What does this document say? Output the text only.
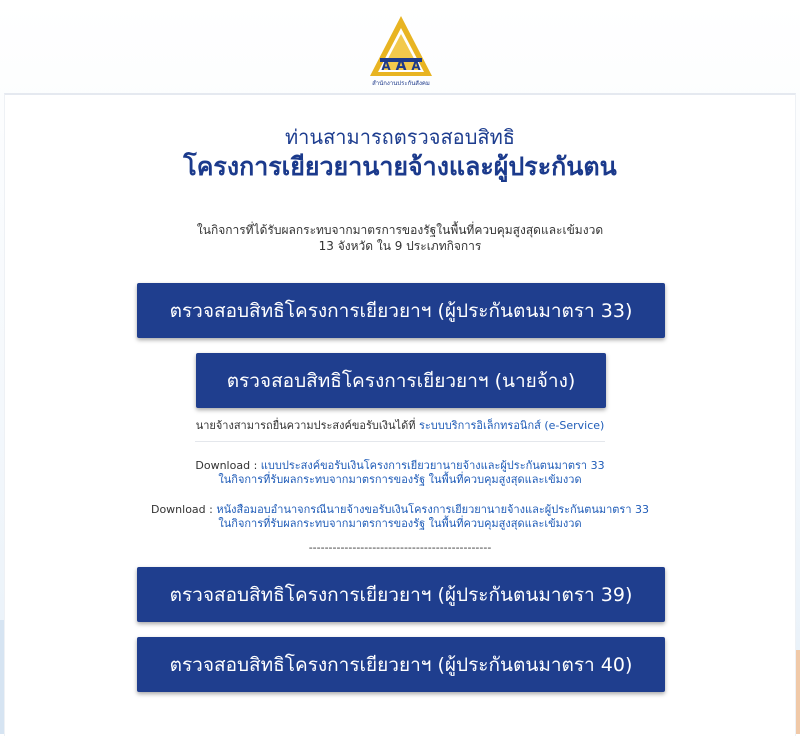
A
A A
สำนักงานประกันสังคม
ท่านสามารถตรวจสอบสิทธิ
โครงการเยียวยานายจ้างและผู้ประกันตน
ในกิจการที่ได้รับผลกระทบจากมาตรการของรัฐในพื้นที่ควบคุมสูงสุดและเข้มงวด
13 จังหวัด ใน 9 ประเภทกิจการ
ตรวจสอบสิทธิโครงการเยียวยาฯ (ผู้ประกันตนมาตรา 33)
ตรวจสอบสิทธิโครงการเยียวยาฯ (นายจ้าง)
นายจ้างสามารถยื่นความประสงค์ขอรับเงินได้ที่ ระบบบริการอิเล็กทรอนิกส์ (e-Service)
Download : แบบประสงค์ขอรับเงินโครงการเยียวยานายจ้างและผู้ประกันตนมาตรา 33
ในกิจการที่รับผลกระทบจากมาตรการของรัฐ ในพื้นที่ควบคุมสูงสุดและเข้มงวด
Download : หนังสือมอบอำนาจกรณีนายจ้างขอรับเงินโครงการเยียวยานายจ้างและผู้ประกันตนมาตรา 33
ในกิจการที่รับผลกระทบจากมาตรการของรัฐ ในพื้นที่ควบคุมสูงสุดและเข้มงวด
----------------------------------------------
ตรวจสอบสิทธิโครงการเยียวยาฯ (ผู้ประกันตนมาตรา 39)
ตรวจสอบสิทธิโครงการเยียวยาฯ (ผู้ประกันตนมาตรา 40)
